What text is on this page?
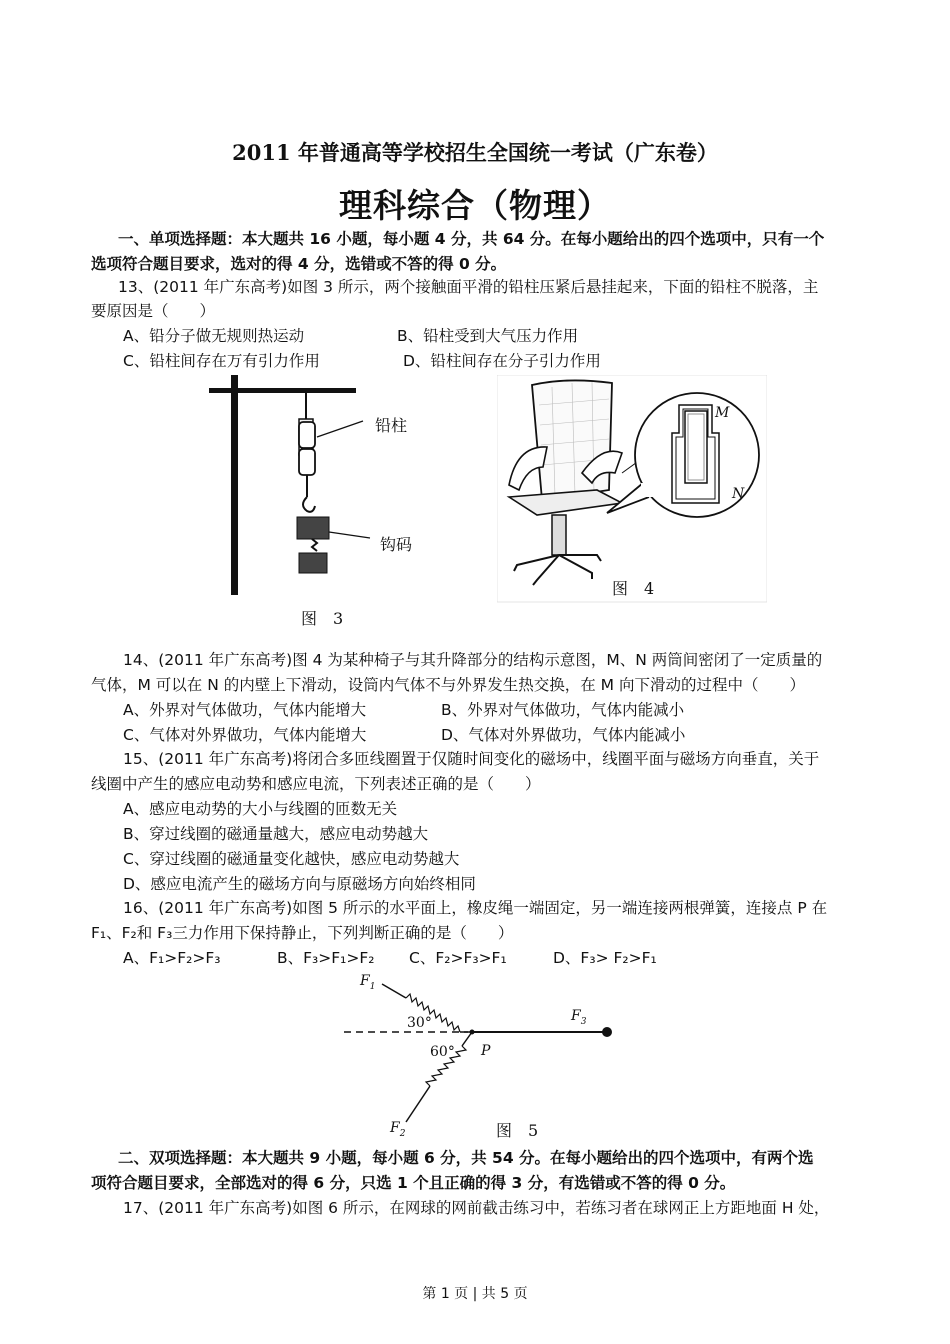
2011 年普通高等学校招生全国统一考试（广东卷）
理科综合（物理）
一、单项选择题：本大题共 16 小题，每小题 4 分，共 64 分。在每小题给出的四个选项中，只有一个
选项符合题目要求，选对的得 4 分，选错或不答的得 0 分。
13、(2011 年广东高考)如图 3 所示，两个接触面平滑的铅柱压紧后悬挂起来，下面的铅柱不脱落，主
要原因是（　　）
A、铅分子做无规则热运动	B、铅柱受到大气压力作用
C、铅柱间存在万有引力作用	D、铅柱间存在分子引力作用
铅柱
钩码
图　3
M
N
图　4
14、(2011 年广东高考)图 4 为某种椅子与其升降部分的结构示意图，M、N 两筒间密闭了一定质量的
气体，M 可以在 N 的内壁上下滑动，设筒内气体不与外界发生热交换，在 M 向下滑动的过程中（　　）
A、外界对气体做功，气体内能增大	B、外界对气体做功，气体内能减小
C、气体对外界做功，气体内能增大	D、气体对外界做功，气体内能减小
15、(2011 年广东高考)将闭合多匝线圈置于仅随时间变化的磁场中，线圈平面与磁场方向垂直，关于
线圈中产生的感应电动势和感应电流，下列表述正确的是（　　）
A、感应电动势的大小与线圈的匝数无关
B、穿过线圈的磁通量越大，感应电动势越大
C、穿过线圈的磁通量变化越快，感应电动势越大
D、感应电流产生的磁场方向与原磁场方向始终相同
16、(2011 年广东高考)如图 5 所示的水平面上，橡皮绳一端固定，另一端连接两根弹簧，连接点 P 在
F₁、F₂和 F₃三力作用下保持静止，下列判断正确的是（　　）
A、F₁>F₂>F₃	B、F₃>F₁>F₂ C、F₂>F₃>F₁	D、F₃> F₂>F₁
$F_1$
$F_3$
$F_2$
30°
60° P
图　5
二、双项选择题：本大题共 9 小题，每小题 6 分，共 54 分。在每小题给出的四个选项中，有两个选
项符合题目要求，全部选对的得 6 分，只选 1 个且正确的得 3 分，有选错或不答的得 0 分。
17、(2011 年广东高考)如图 6 所示，在网球的网前截击练习中，若练习者在球网正上方距地面 H 处，
第 1 页 | 共 5 页
